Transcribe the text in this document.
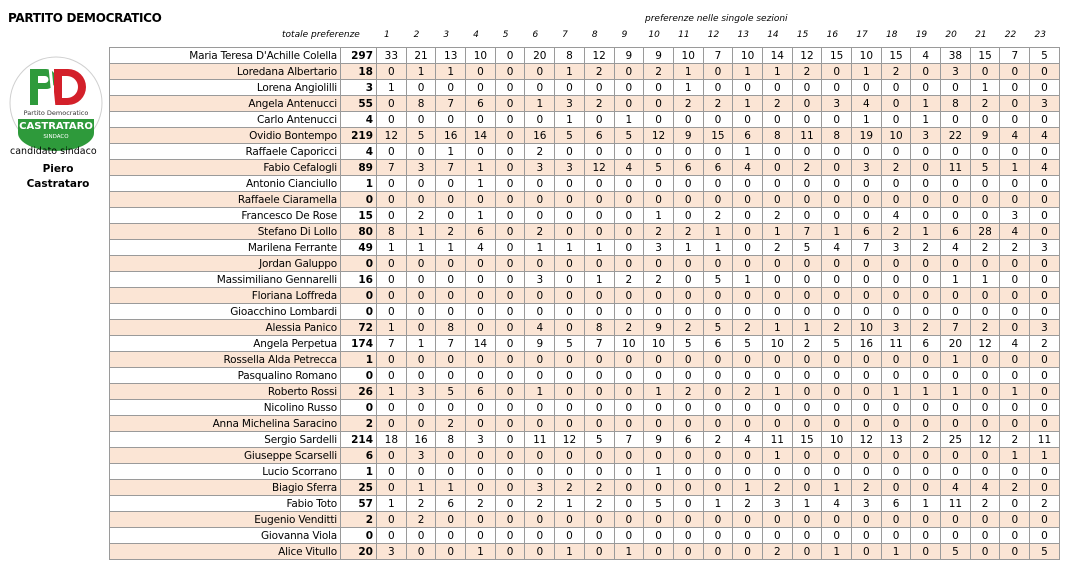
PARTITO DEMOCRATICO	preferenze nelle singole sezioni
totale preferenze	1	2	3	4	5	6	7	8	9	10	11	12	13	14	15	16	17	18	19	20	21	22	23
Partito Democratico
CASTRATARO
SINDACO
candidato sindaco
Piero
Castrataro
Maria Teresa D'Achille Colella	297	33	21	13	10	0	20	8	12	9	9	10	7	10	14	12	15	10	15	4	38	15	7	5
Loredana Albertario	18	0	1	1	0	0	0	1	2	0	2	1	0	1	1	2	0	1	2	0	3	0	0	0
Lorena Angiolilli	3	1	0	0	0	0	0	0	0	0	0	1	0	0	0	0	0	0	0	0	0	1	0	0
Angela Antenucci	55	0	8	7	6	0	1	3	2	0	0	2	2	1	2	0	3	4	0	1	8	2	0	3
Carlo Antenucci	4	0	0	0	0	0	0	1	0	1	0	0	0	0	0	0	0	1	0	1	0	0	0	0
Ovidio Bontempo	219	12	5	16	14	0	16	5	6	5	12	9	15	6	8	11	8	19	10	3	22	9	4	4
Raffaele Caporicci	4	0	0	1	0	0	2	0	0	0	0	0	0	1	0	0	0	0	0	0	0	0	0	0
Fabio Cefalogli	89	7	3	7	1	0	3	3	12	4	5	6	6	4	0	2	0	3	2	0	11	5	1	4
Antonio Cianciullo	1	0	0	0	1	0	0	0	0	0	0	0	0	0	0	0	0	0	0	0	0	0	0	0
Raffaele Ciaramella	0	0	0	0	0	0	0	0	0	0	0	0	0	0	0	0	0	0	0	0	0	0	0	0
Francesco De Rose	15	0	2	0	1	0	0	0	0	0	1	0	2	0	2	0	0	0	4	0	0	0	3	0
Stefano Di Lollo	80	8	1	2	6	0	2	0	0	0	2	2	1	0	1	7	1	6	2	1	6	28	4	0
Marilena Ferrante	49	1	1	1	4	0	1	1	1	0	3	1	1	0	2	5	4	7	3	2	4	2	2	3
Jordan Galuppo	0	0	0	0	0	0	0	0	0	0	0	0	0	0	0	0	0	0	0	0	0	0	0	0
Massimiliano Gennarelli	16	0	0	0	0	0	3	0	1	2	2	0	5	1	0	0	0	0	0	0	1	1	0	0
Floriana Loffreda	0	0	0	0	0	0	0	0	0	0	0	0	0	0	0	0	0	0	0	0	0	0	0	0
Gioacchino Lombardi	0	0	0	0	0	0	0	0	0	0	0	0	0	0	0	0	0	0	0	0	0	0	0	0
Alessia Panico	72	1	0	8	0	0	4	0	8	2	9	2	5	2	1	1	2	10	3	2	7	2	0	3
Angela Perpetua	174	7	1	7	14	0	9	5	7	10	10	5	6	5	10	2	5	16	11	6	20	12	4	2
Rossella Alda Petrecca	1	0	0	0	0	0	0	0	0	0	0	0	0	0	0	0	0	0	0	0	1	0	0	0
Pasqualino Romano	0	0	0	0	0	0	0	0	0	0	0	0	0	0	0	0	0	0	0	0	0	0	0	0
Roberto Rossi	26	1	3	5	6	0	1	0	0	0	1	2	0	2	1	0	0	0	1	1	1	0	1	0
Nicolino Russo	0	0	0	0	0	0	0	0	0	0	0	0	0	0	0	0	0	0	0	0	0	0	0	0
Anna Michelina Saracino	2	0	0	2	0	0	0	0	0	0	0	0	0	0	0	0	0	0	0	0	0	0	0	0
Sergio Sardelli	214	18	16	8	3	0	11	12	5	7	9	6	2	4	11	15	10	12	13	2	25	12	2	11
Giuseppe Scarselli	6	0	3	0	0	0	0	0	0	0	0	0	0	0	1	0	0	0	0	0	0	0	1	1
Lucio Scorrano	1	0	0	0	0	0	0	0	0	0	1	0	0	0	0	0	0	0	0	0	0	0	0	0
Biagio Sferra	25	0	1	1	0	0	3	2	2	0	0	0	0	1	2	0	1	2	0	0	4	4	2	0
Fabio Toto	57	1	2	6	2	0	2	1	2	0	5	0	1	2	3	1	4	3	6	1	11	2	0	2
Eugenio Venditti	2	0	2	0	0	0	0	0	0	0	0	0	0	0	0	0	0	0	0	0	0	0	0	0
Giovanna Viola	0	0	0	0	0	0	0	0	0	0	0	0	0	0	0	0	0	0	0	0	0	0	0	0
Alice Vitullo	20	3	0	0	1	0	0	1	0	1	0	0	0	0	2	0	1	0	1	0	5	0	0	5
